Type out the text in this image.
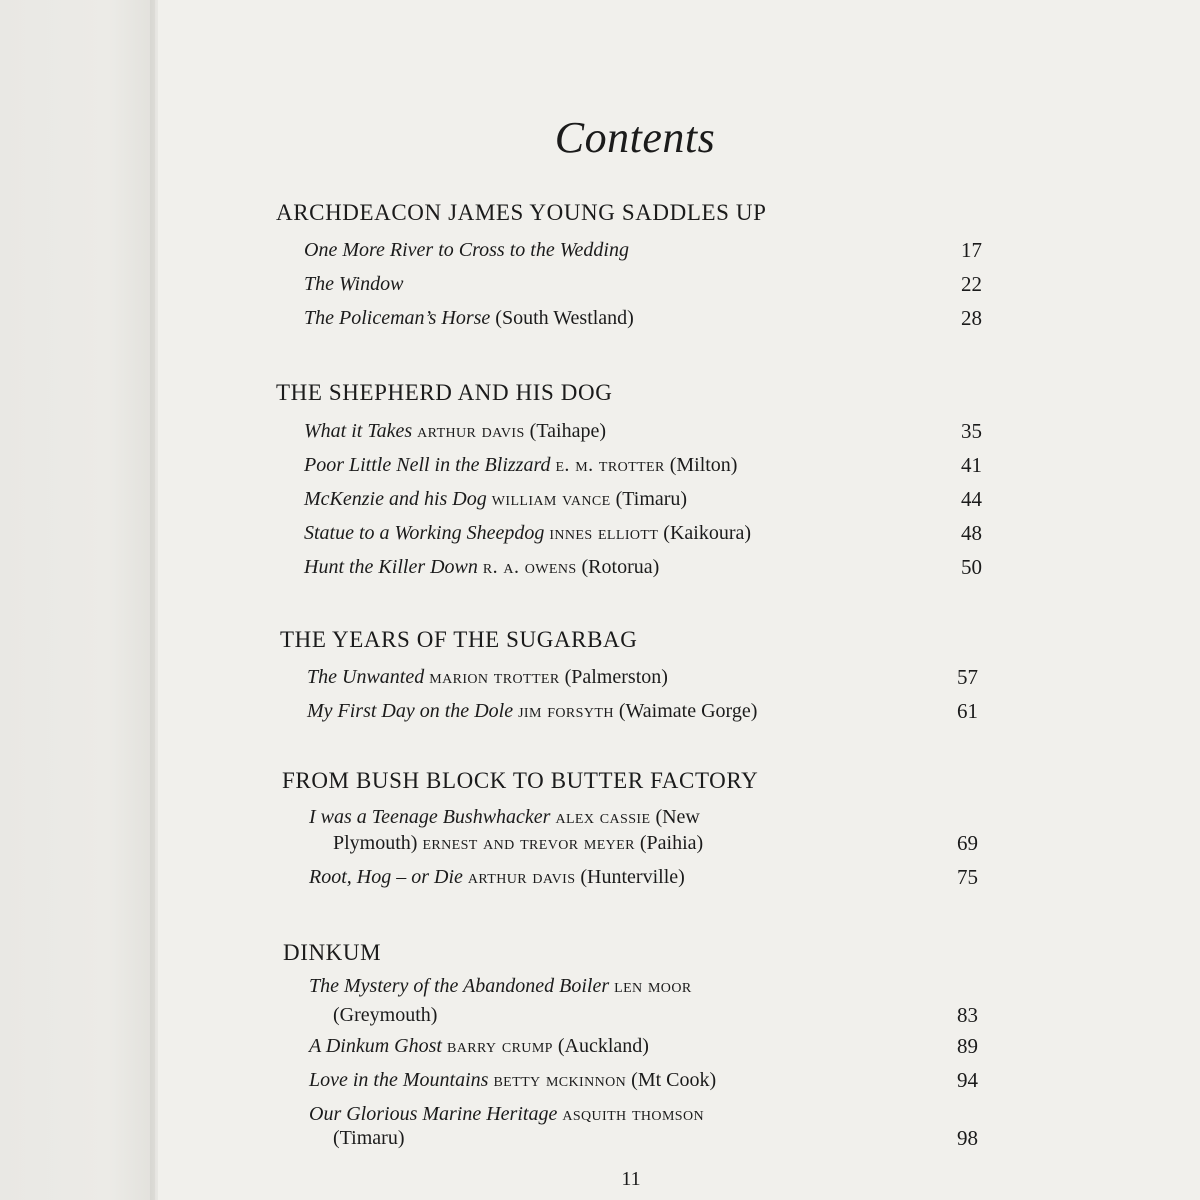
Contents
ARCHDEACON JAMES YOUNG SADDLES UP
One More River to Cross to the Wedding	17
The Window	22
The Policeman’s Horse (South Westland)	28
THE SHEPHERD AND HIS DOG
What it Takes arthur davis (Taihape)	35
Poor Little Nell in the Blizzard e. m. trotter (Milton)	41
McKenzie and his Dog william vance (Timaru)	44
Statue to a Working Sheepdog innes elliott (Kaikoura)	48
Hunt the Killer Down r. a. owens (Rotorua)	50
THE YEARS OF THE SUGARBAG
The Unwanted marion trotter (Palmerston)	57
My First Day on the Dole jim forsyth (Waimate Gorge)	61
FROM BUSH BLOCK TO BUTTER FACTORY
I was a Teenage Bushwhacker alex cassie (New
Plymouth) ernest and trevor meyer (Paihia)	69
Root, Hog – or Die arthur davis (Hunterville)	75
DINKUM
The Mystery of the Abandoned Boiler len moor
(Greymouth)	83
A Dinkum Ghost barry crump (Auckland)	89
Love in the Mountains betty mckinnon (Mt Cook)	94
Our Glorious Marine Heritage asquith thomson
(Timaru)	98
11
